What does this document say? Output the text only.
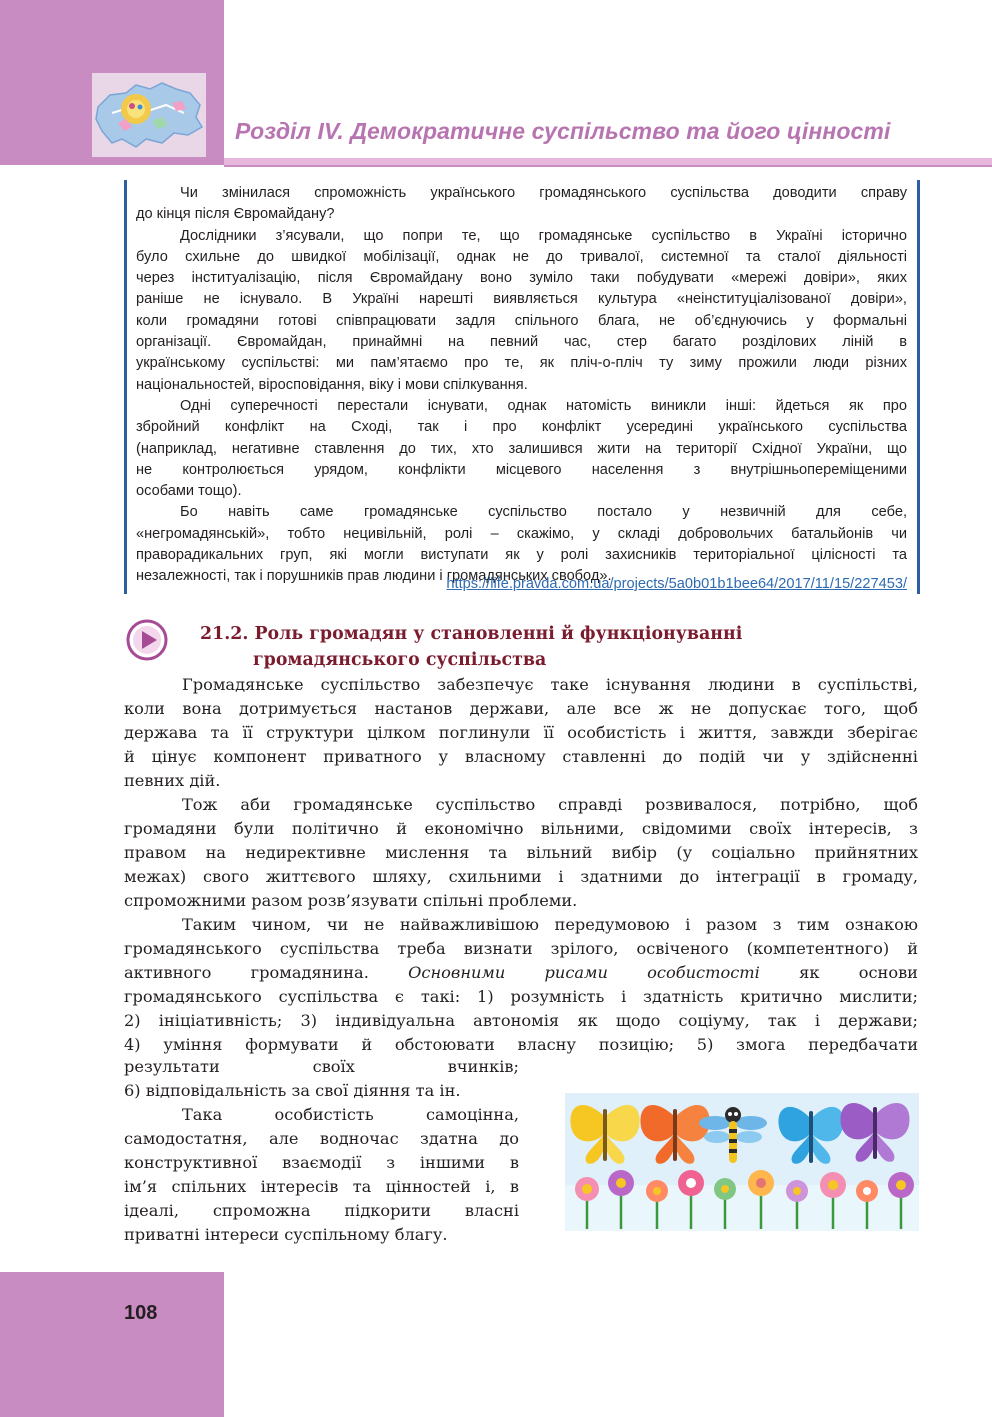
Розділ IV. Демократичне суспільство та його цінності

Чи змінилася спроможність українського громадянського суспільства доводити справу

до кінця після Євромайдану?

Дослідники з’ясували, що попри те, що громадянське суспільство в Україні історично

було схильне до швидкої мобілізації, однак не до тривалої, системної та сталої діяльності

через інституалізацію, після Євромайдану воно зуміло таки побудувати «мережі довіри», яких

раніше не існувало. В Україні нарешті виявляється культура «неінституціалізованої довіри»,

коли громадяни готові співпрацювати задля спільного блага, не об’єднуючись у формальні

організації. Євромайдан, принаймні на певний час, стер багато розділових ліній в

українському суспільстві: ми пам’ятаємо про те, як пліч-о-пліч ту зиму прожили люди різних

національностей, віросповідання, віку і мови спілкування.

Одні суперечності перестали існувати, однак натомість виникли інші: йдеться як про

збройний конфлікт на Сході, так і про конфлікт усередині українського суспільства

(наприклад, негативне ставлення до тих, хто залишився жити на території Східної України, що

не контролюється урядом, конфлікти місцевого населення з внутрішньопереміщеними

особами тощо).

Бо навіть саме громадянське суспільство постало у незвичній для себе,

«негромадянській», тобто нецивільній, ролі – скажімо, у складі добровольчих батальйонів чи

праворадикальних груп, які могли виступати як у ролі захисників територіальної цілісності та

незалежності, так і порушників прав людини і громадянських свобод».

https://life.pravda.com.ua/projects/5a0b01b1bee64/2017/11/15/227453/
21.2. Роль громадян у становленні й функціонуванні
громадянського суспільства

Громадянське суспільство забезпечує таке існування людини в суспільстві,

коли вона дотримується настанов держави, але все ж не допускає того, щоб

держава та її структури цілком поглинули її особистість і життя, завжди зберігає

й цінує компонент приватного у власному ставленні до подій чи у здійсненні

певних дій.

Тож аби громадянське суспільство справді розвивалося, потрібно, щоб

громадяни були політично й економічно вільними, свідомими своїх інтересів, з

правом на недирективне мислення та вільний вибір (у соціально прийнятних

межах) свого життєвого шляху, схильними і здатними до інтеграції в громаду,

спроможними разом розв’язувати спільні проблеми.

Таким чином, чи не найважливішою передумовою і разом з тим ознакою

громадянського суспільства треба визнати зрілого, освіченого (компетентного) й

активного громадянина. Основними рисами особистості як основи

громадянського суспільства є такі: 1) розумність і здатність критично мислити;

2) ініціативність; 3) індивідуальна автономія як щодо соціуму, так і держави;

4) уміння формувати й обстоювати власну позицію; 5) змога передбачати

результати своїх вчинків;

6) відповідальність за свої діяння та ін.

Така особистість самоцінна,

самодостатня, але водночас здатна до

конструктивної взаємодії з іншими в

ім’я спільних інтересів та цінностей і, в

ідеалі, спроможна підкорити власні

приватні інтереси суспільному благу.

108
